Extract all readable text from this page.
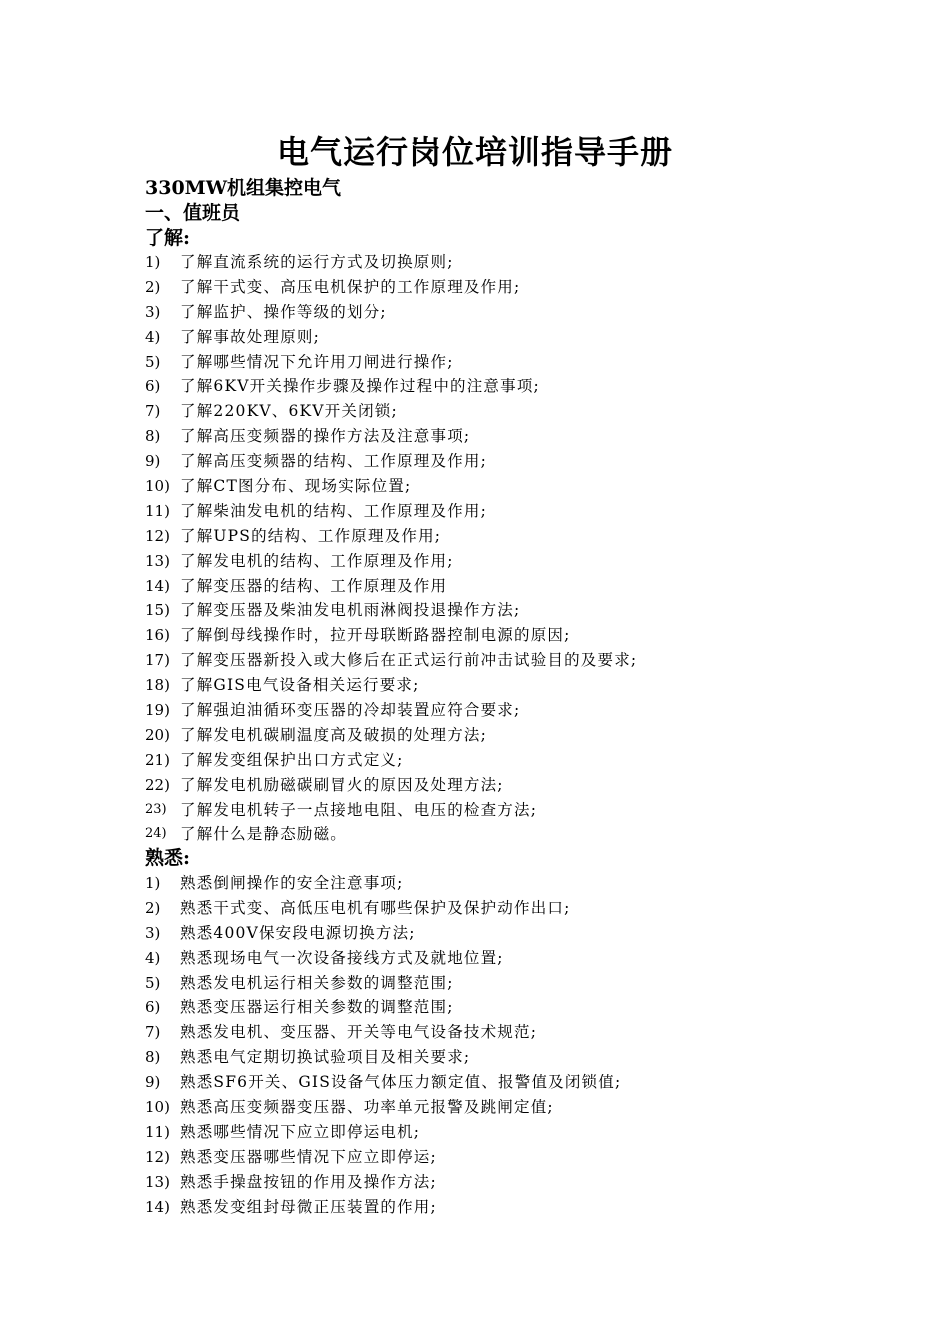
电气运行岗位培训指导手册
330MW机组集控电气
一、值班员
了解:
1)	了解直流系统的运行方式及切换原则;
2)	了解干式变、高压电机保护的工作原理及作用;
3)	了解监护、操作等级的划分;
4)	了解事故处理原则;
5)	了解哪些情况下允许用刀闸进行操作;
6)	了解6KV开关操作步骤及操作过程中的注意事项;
7)	了解220KV、6KV开关闭锁;
8)	了解高压变频器的操作方法及注意事项;
9)	了解高压变频器的结构、工作原理及作用;
10) 了解CT图分布、现场实际位置;
11) 了解柴油发电机的结构、工作原理及作用;
12) 了解UPS的结构、工作原理及作用;
13) 了解发电机的结构、工作原理及作用;
14) 了解变压器的结构、工作原理及作用
15) 了解变压器及柴油发电机雨淋阀投退操作方法;
16) 了解倒母线操作时，拉开母联断路器控制电源的原因;
17) 了解变压器新投入或大修后在正式运行前冲击试验目的及要求;
18) 了解GIS电气设备相关运行要求;
19) 了解强迫油循环变压器的冷却装置应符合要求;
20) 了解发电机碳刷温度高及破损的处理方法;
21) 了解发变组保护出口方式定义;
22) 了解发电机励磁碳刷冒火的原因及处理方法;
23) 了解发电机转子一点接地电阻、电压的检查方法;
24) 了解什么是静态励磁。
熟悉:
1)	熟悉倒闸操作的安全注意事项;
2)	熟悉干式变、高低压电机有哪些保护及保护动作出口;
3)	熟悉400V保安段电源切换方法;
4)	熟悉现场电气一次设备接线方式及就地位置;
5)	熟悉发电机运行相关参数的调整范围;
6)	熟悉变压器运行相关参数的调整范围;
7)	熟悉发电机、变压器、开关等电气设备技术规范;
8)	熟悉电气定期切换试验项目及相关要求;
9)	熟悉SF6开关、GIS设备气体压力额定值、报警值及闭锁值;
10) 熟悉高压变频器变压器、功率单元报警及跳闸定值;
11) 熟悉哪些情况下应立即停运电机;
12) 熟悉变压器哪些情况下应立即停运;
13) 熟悉手操盘按钮的作用及操作方法;
14) 熟悉发变组封母微正压装置的作用;
